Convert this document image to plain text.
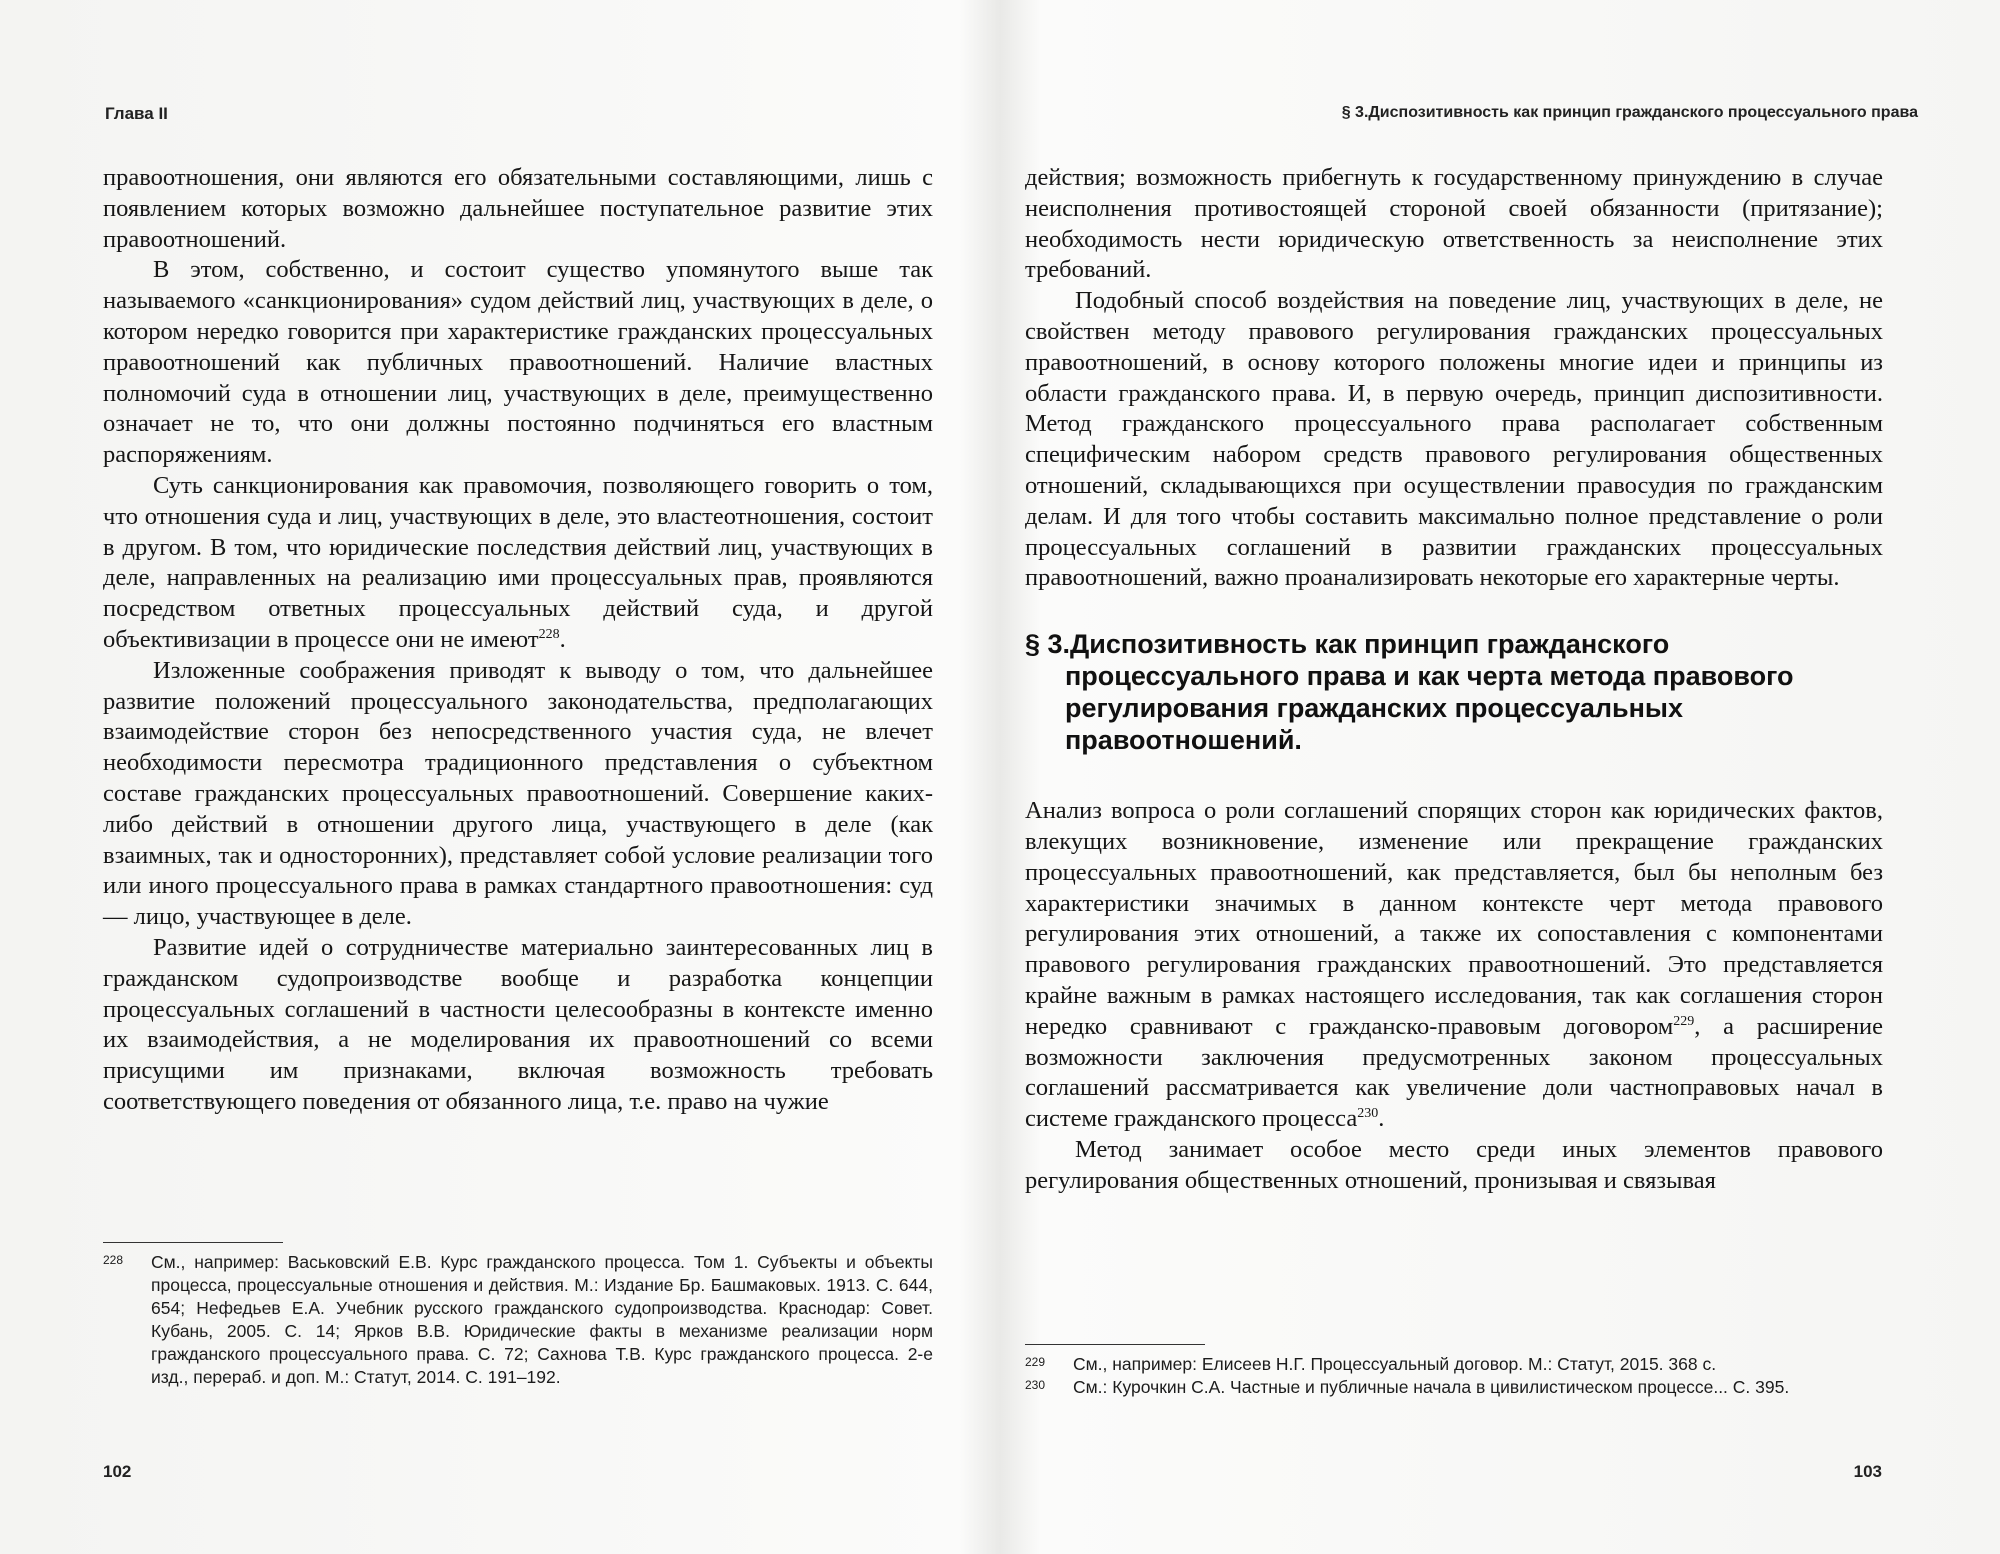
Глава II

правоотношения, они являются его обязательными составляющими, лишь с появлением которых возможно дальнейшее поступательное развитие этих правоотношений.

В этом, собственно, и состоит существо упомянутого выше так называемого «санкционирования» судом действий лиц, участвующих в деле, о котором нередко говорится при характеристике гражданских процессуальных правоотношений как публичных правоотношений. Наличие властных полномочий суда в отношении лиц, участвующих в деле, преимущественно означает не то, что они должны постоянно подчиняться его властным распоряжениям.

Суть санкционирования как правомочия, позволяющего говорить о том, что отношения суда и лиц, участвующих в деле, это властеотношения, состоит в другом. В том, что юридические последствия действий лиц, участвующих в деле, направленных на реализацию ими процессуальных прав, проявляются посредством ответных процессуальных действий суда, и другой объективизации в процессе они не имеют$^{228}$.

Изложенные соображения приводят к выводу о том, что дальнейшее развитие положений процессуального законодательства, предполагающих взаимодействие сторон без непосредственного участия суда, не влечет необходимости пересмотра традиционного представления о субъектном составе гражданских процессуальных правоотношений. Совершение каких-либо действий в отношении другого лица, участвующего в деле (как взаимных, так и односторонних), представляет собой условие реализации того или иного процессуального права в рамках стандартного правоотношения: суд — лицо, участвующее в деле.

Развитие идей о сотрудничестве материально заинтересованных лиц в гражданском судопроизводстве вообще и разработка концепции процессуальных соглашений в частности целесообразны в контексте именно их взаимодействия, а не моделирования их правоотношений со всеми присущими им признаками, включая возможность требовать соответствующего поведения от обязанного лица, т.е. право на чужие

228	См., например: Васьковский Е.В. Курс гражданского процесса. Том 1. Субъекты и объекты процесса, процессуальные отношения и действия. М.: Издание Бр. Башмаковых. 1913. С. 644, 654; Нефедьев Е.А. Учебник русского гражданского судопроизводства. Краснодар: Совет. Кубань, 2005. С. 14; Ярков В.В. Юридические факты в механизме реализации норм гражданского процессуального права. С. 72; Сахнова Т.В. Курс гражданского процесса. 2-е изд., перераб. и доп. М.: Статут, 2014. С. 191–192.
102
§ 3.Диспозитивность как принцип гражданского процессуального права

действия; возможность прибегнуть к государственному принуждению в случае неисполнения противостоящей стороной своей обязанности (притязание); необходимость нести юридическую ответственность за неисполнение этих требований.

Подобный способ воздействия на поведение лиц, участвующих в деле, не свойствен методу правового регулирования гражданских процессуальных правоотношений, в основу которого положены многие идеи и принципы из области гражданского права. И, в первую очередь, принцип диспозитивности. Метод гражданского процессуального права располагает собственным специфическим набором средств правового регулирования общественных отношений, складывающихся при осуществлении правосудия по гражданским делам. И для того чтобы составить максимально полное представление о роли процессуальных соглашений в развитии гражданских процессуальных правоотношений, важно проанализировать некоторые его характерные черты.

§ 3.Диспозитивность как принцип гражданского процессуального права и как черта метода правового регулирования гражданских процессуальных правоотношений.

Анализ вопроса о роли соглашений спорящих сторон как юридических фактов, влекущих возникновение, изменение или прекращение гражданских процессуальных правоотношений, как представляется, был бы неполным без характеристики значимых в данном контексте черт метода правового регулирования этих отношений, а также их сопоставления с компонентами правового регулирования гражданских правоотношений. Это представляется крайне важным в рамках настоящего исследования, так как соглашения сторон нередко сравнивают с гражданско-правовым договором$^{229}$, а расширение возможности заключения предусмотренных законом процессуальных соглашений рассматривается как увеличение доли частноправовых начал в системе гражданского процесса$^{230}$.

Метод занимает особое место среди иных элементов правового регулирования общественных отношений, пронизывая и связывая

229	См., например: Елисеев Н.Г. Процессуальный договор. М.: Статут, 2015. 368 с.
230	См.: Курочкин С.А. Частные и публичные начала в цивилистическом процессе... С. 395.
103
